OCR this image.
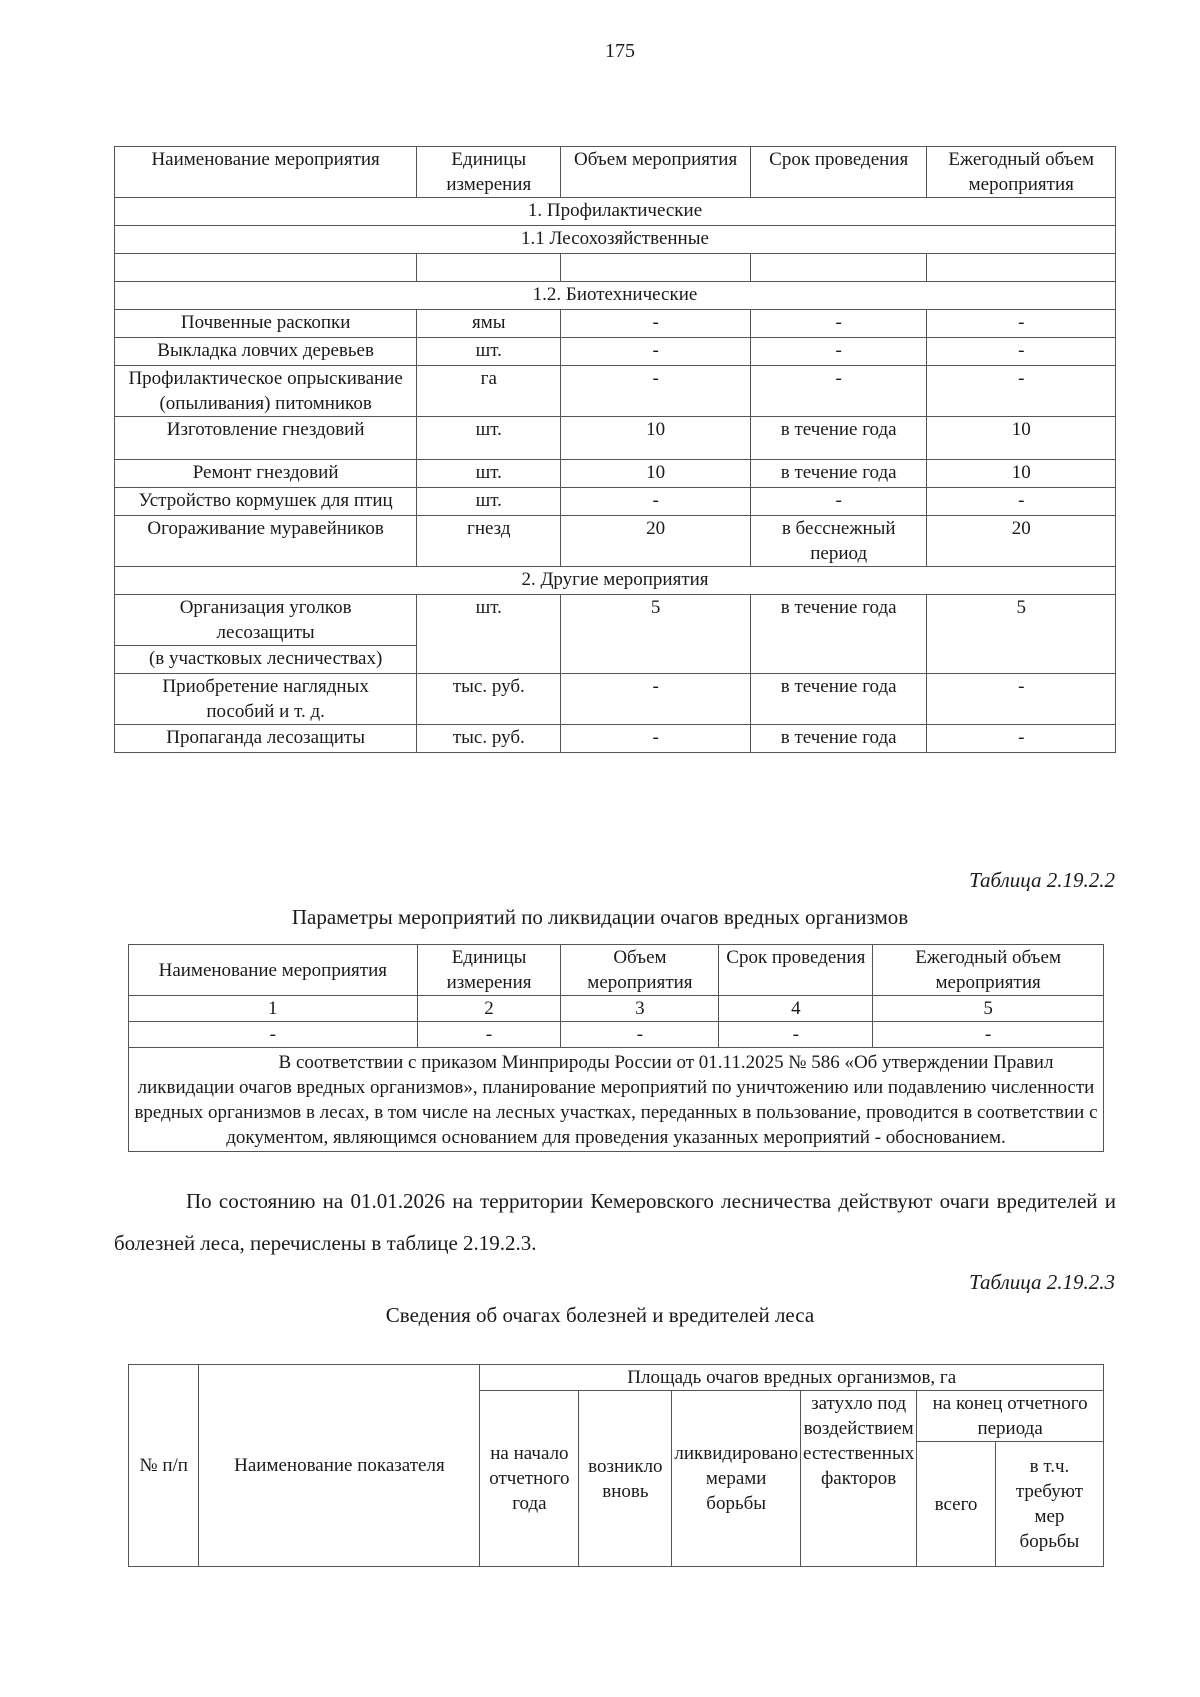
175
Наименование мероприятия	Единицы измерения	Объем мероприятия	Срок проведения	Ежегодный объем мероприятия
1. Профилактические				
1.1 Лесохозяйственные				

1.2. Биотехнические				
Почвенные раскопки	ямы	-	-	-
Выкладка ловчих деревьев	шт.	-	-	-
Профилактическое опрыскивание (опыливания) питомников	га	-	-	-
Изготовление гнездовий	шт.	10	в течение года	10
Ремонт гнездовий	шт.	10	в течение года	10
Устройство кормушек для птиц	шт.	-	-	-
Огораживание муравейников	гнезд	20	в бесснежный период	20
2. Другие мероприятия				
Организация уголков лесозащиты	шт.	5	в течение года	5
(в участковых лесничествах)				
Приобретение наглядных пособий и т. д.	тыс. руб.	-	в течение года	-
Пропаганда лесозащиты	тыс. руб.	-	в течение года	-
Таблица 2.19.2.2
Параметры мероприятий по ликвидации очагов вредных организмов
Наименование мероприятия	Единицы измерения	Объем мероприятия	Срок проведения	Ежегодный объем мероприятия
1	2	3	4	5
-	-	-	-	-
В соответствии с приказом Минприроды России от 01.11.2025 № 586 «Об утверждении Правил ликвидации очагов вредных организмов», планирование мероприятий по уничтожению или подавлению численности вредных организмов в лесах, в том числе на лесных участках, переданных в пользование, проводится в соответствии с документом, являющимся основанием для проведения указанных мероприятий - обоснованием.				
По состоянию на 01.01.2026 на территории Кемеровского лесничества действуют очаги вредителей и болезней леса, перечислены в таблице 2.19.2.3.
Таблица 2.19.2.3
Сведения об очагах болезней и вредителей леса
№ п/п	Наименование показателя	Площадь очагов вредных организмов, га					
		на начало отчетного года	возникло вновь	ликвидировано мерами борьбы	затухло под воздействием естественных факторов	на конец отчетного периода	
						всего	в т.ч. требуют мер борьбы
